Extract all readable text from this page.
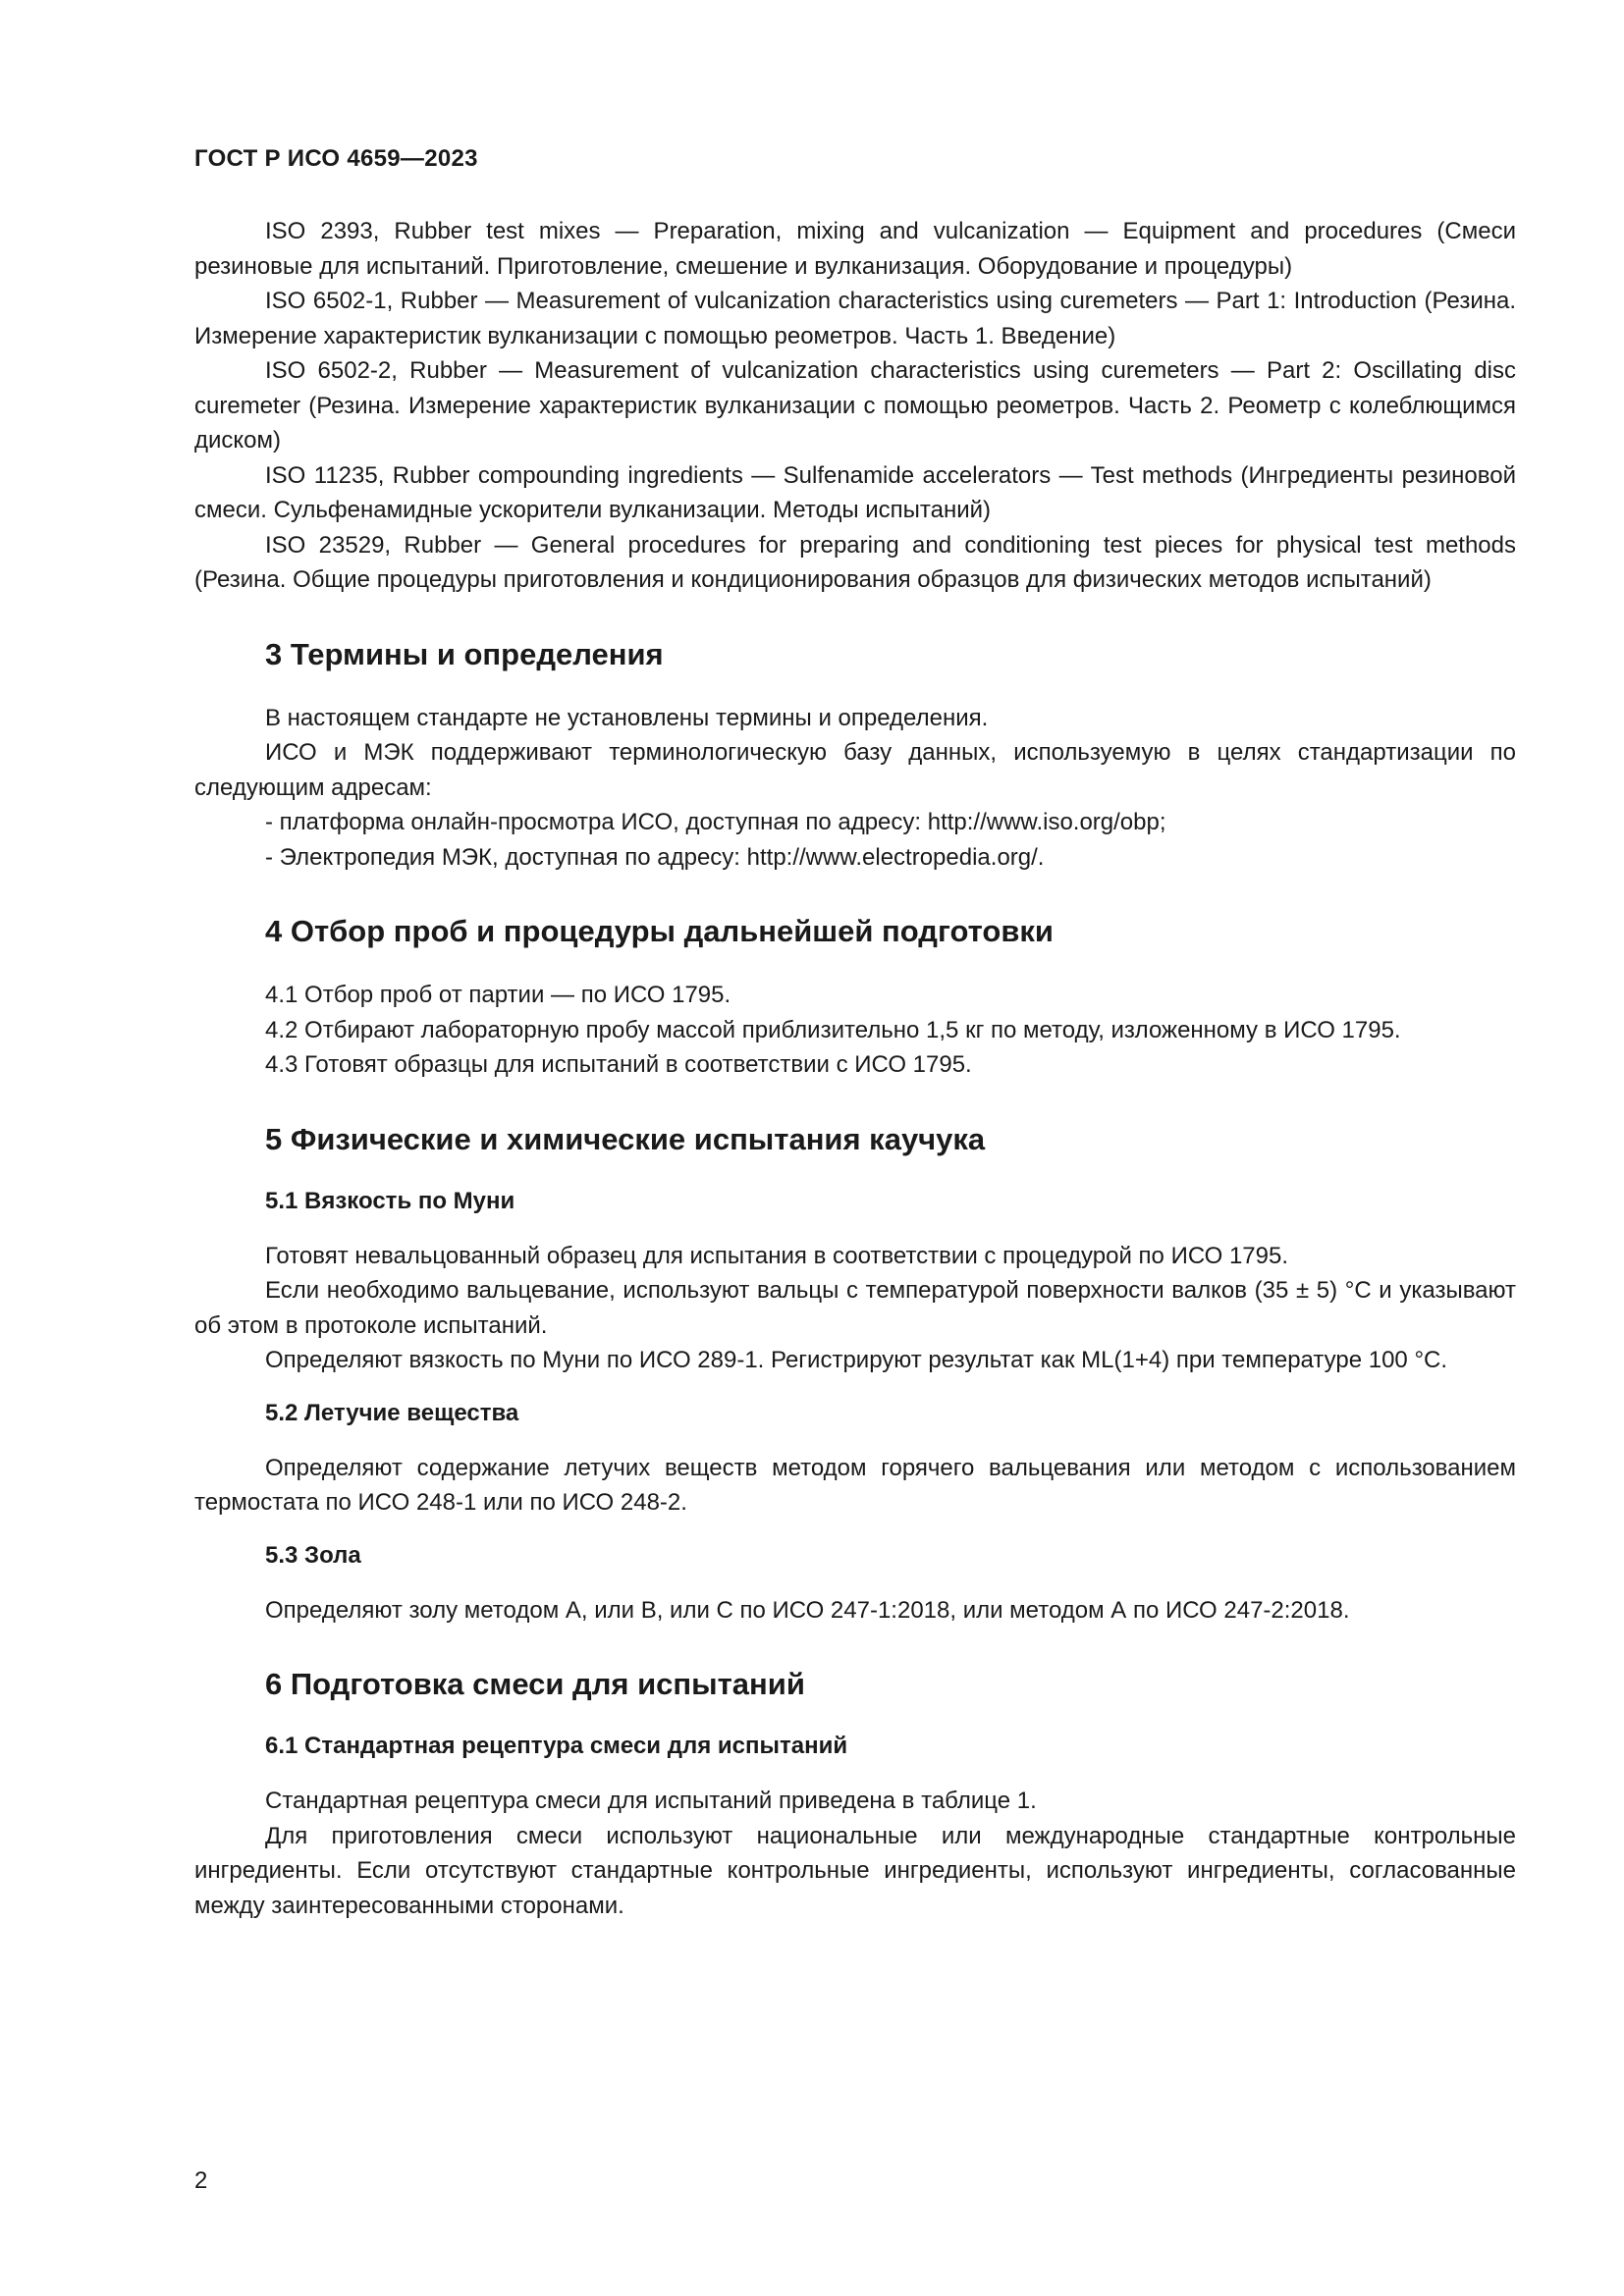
ГОСТ Р ИСО 4659—2023

ISO 2393, Rubber test mixes — Preparation, mixing and vulcanization — Equipment and procedures (Смеси резиновые для испытаний. Приготовление, смешение и вулканизация. Оборудование и процедуры)

ISO 6502-1, Rubber — Measurement of vulcanization characteristics using curemeters — Part 1: Introduction (Резина. Измерение характеристик вулканизации с помощью реометров. Часть 1. Введение)

ISO 6502-2, Rubber — Measurement of vulcanization characteristics using curemeters — Part 2: Oscillating disc curemeter (Резина. Измерение характеристик вулканизации с помощью реометров. Часть 2. Реометр с колеблющимся диском)

ISO 11235, Rubber compounding ingredients — Sulfenamide accelerators — Test methods (Ингредиенты резиновой смеси. Сульфенамидные ускорители вулканизации. Методы испытаний)

ISO 23529, Rubber — General procedures for preparing and conditioning test pieces for physical test methods (Резина. Общие процедуры приготовления и кондиционирования образцов для физических методов испытаний)

3 Термины и определения

В настоящем стандарте не установлены термины и определения.

ИСО и МЭК поддерживают терминологическую базу данных, используемую в целях стандартизации по следующим адресам:

- платформа онлайн-просмотра ИСО, доступная по адресу: http://www.iso.org/obp;

- Электропедия МЭК, доступная по адресу: http://www.electropedia.org/.

4 Отбор проб и процедуры дальнейшей подготовки

4.1 Отбор проб от партии — по ИСО 1795.

4.2 Отбирают лабораторную пробу массой приблизительно 1,5 кг по методу, изложенному в ИСО 1795.

4.3 Готовят образцы для испытаний в соответствии с ИСО 1795.

5 Физические и химические испытания каучука
5.1 Вязкость по Муни

Готовят невальцованный образец для испытания в соответствии с процедурой по ИСО 1795.

Если необходимо вальцевание, используют вальцы с температурой поверхности валков (35 ± 5) °С и указывают об этом в протоколе испытаний.

Определяют вязкость по Муни по ИСО 289-1. Регистрируют результат как ML(1+4) при температуре 100 °С.

5.2 Летучие вещества

Определяют содержание летучих веществ методом горячего вальцевания или методом с использованием термостата по ИСО 248-1 или по ИСО 248-2.

5.3 Зола

Определяют золу методом А, или В, или С по ИСО 247-1:2018, или методом А по ИСО 247-2:2018.

6 Подготовка смеси для испытаний
6.1 Стандартная рецептура смеси для испытаний

Стандартная рецептура смеси для испытаний приведена в таблице 1.

Для приготовления смеси используют национальные или международные стандартные контрольные ингредиенты. Если отсутствуют стандартные контрольные ингредиенты, используют ингредиенты, согласованные между заинтересованными сторонами.

2
